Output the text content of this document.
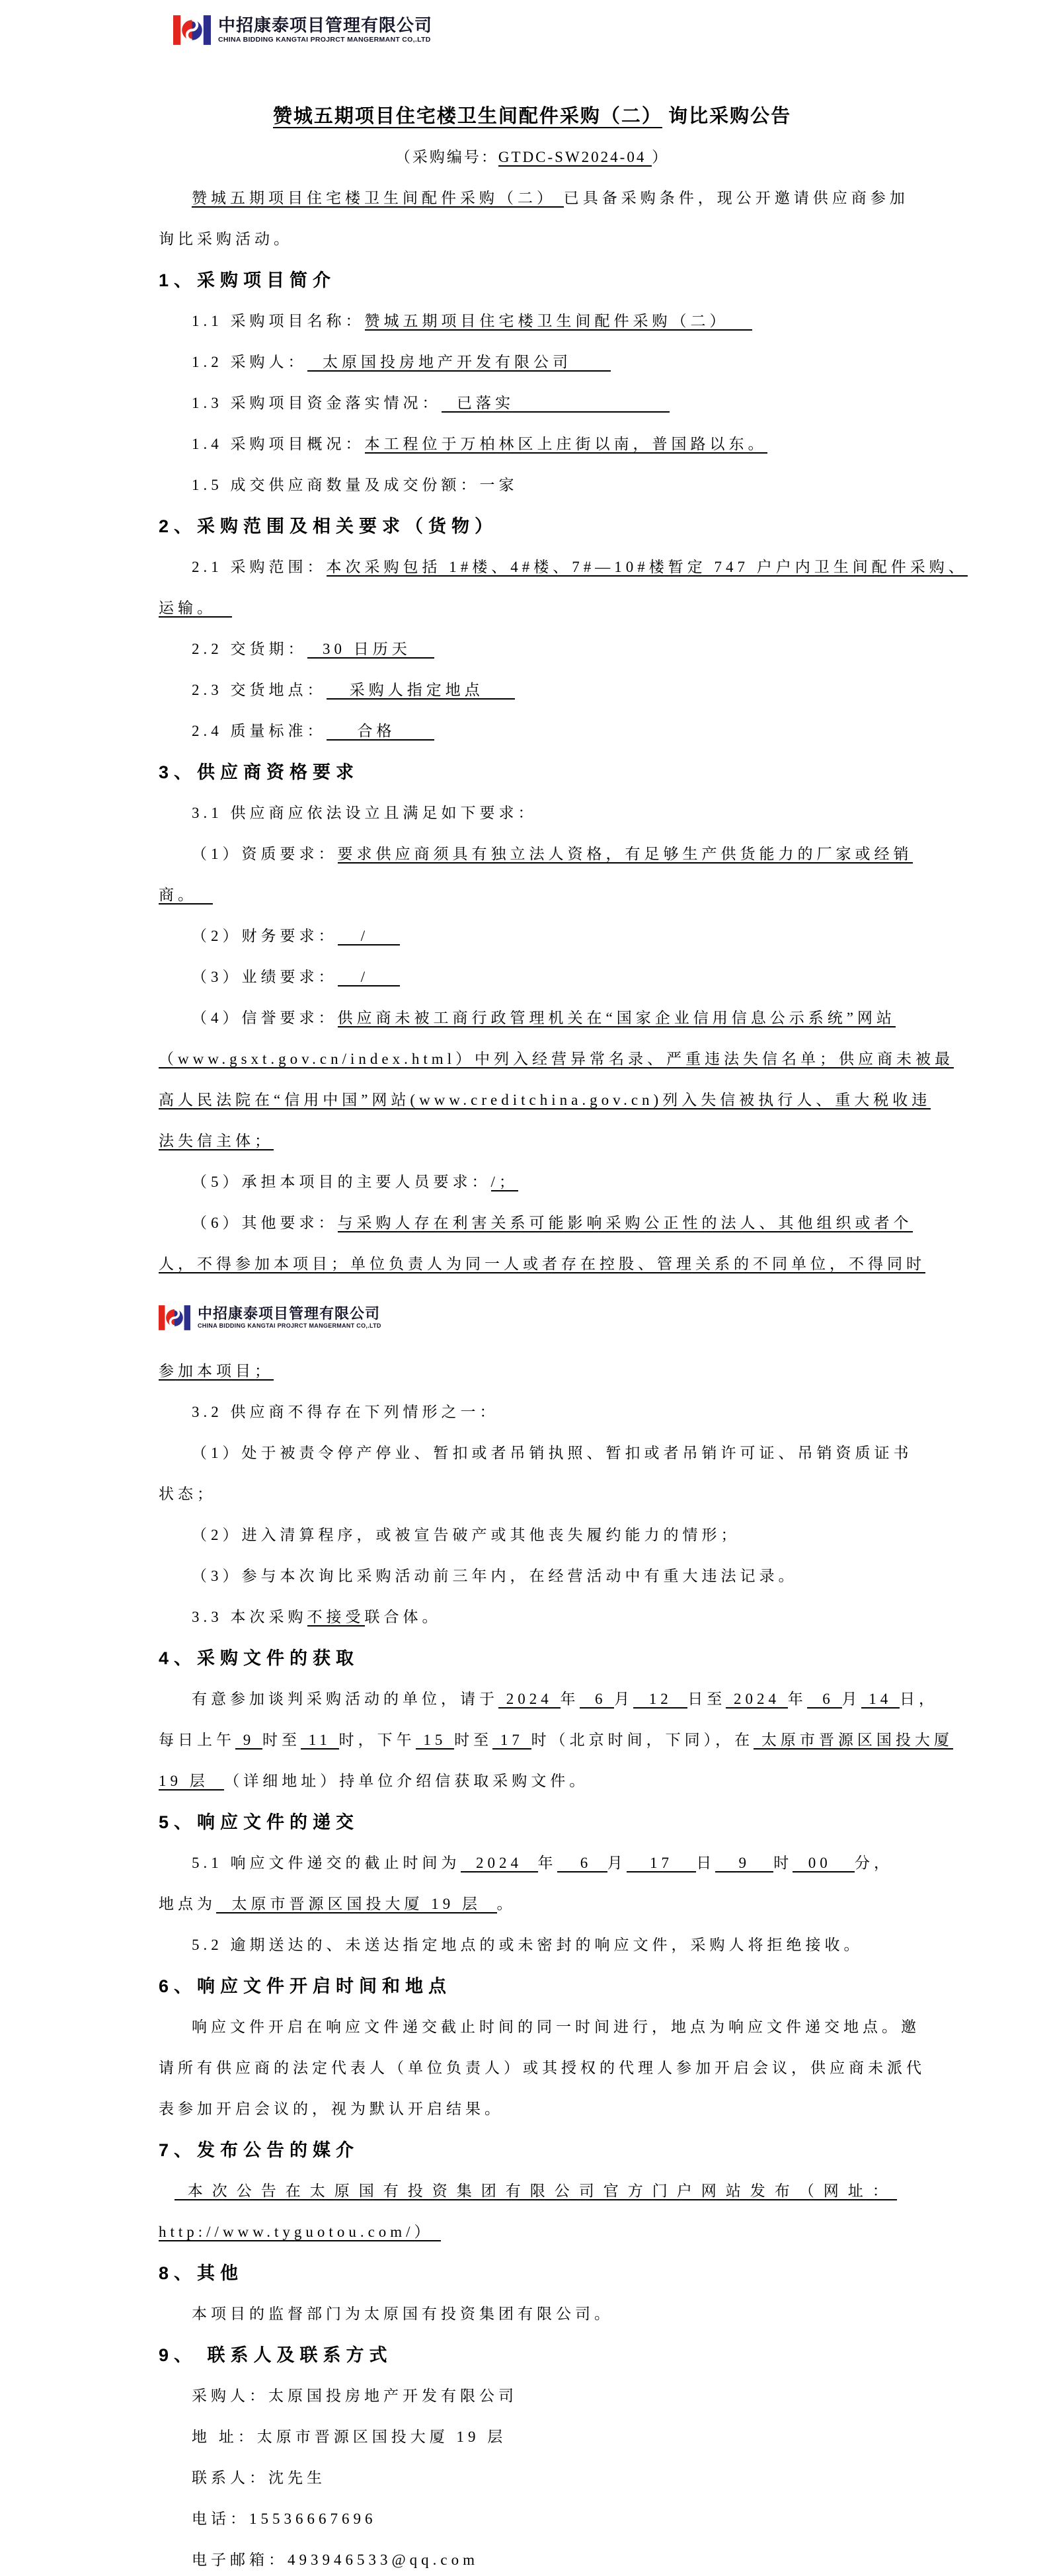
中招康泰项目管理有限公司
CHINA BIDDING KANGTAI PROJRCT MANGERMANT CO,.LTD
赞城五期项目住宅楼卫生间配件采购（二） 询比采购公告
（采购编号：GTDC-SW2024-04 ）
赞城五期项目住宅楼卫生间配件采购（二） 已具备采购条件，现公开邀请供应商参加
询比采购活动。
1、采购项目简介
1.1 采购项目名称：赞城五期项目住宅楼卫生间配件采购（二）
1.2 采购人：  太原国投房地产开发有限公司
1.3 采购项目资金落实情况：  已落实
1.4 采购项目概况：本工程位于万柏林区上庄街以南，普国路以东。
1.5 成交供应商数量及成交份额：一家
2、采购范围及相关要求（货物）
2.1 采购范围：本次采购包括 1#楼、4#楼、7#—10#楼暂定 747 户户内卫生间配件采购、
运输。
2.2 交货期：  30 日历天
2.3 交货地点：   采购人指定地点
2.4 质量标准：    合格
3、供应商资格要求
3.1 供应商应依法设立且满足如下要求：
（1）资质要求：要求供应商须具有独立法人资格，有足够生产供货能力的厂家或经销
商。
（2）财务要求：   /
（3）业绩要求：   /
（4）信誉要求：供应商未被工商行政管理机关在“国家企业信用信息公示系统”网站
（www.gsxt.gov.cn/index.html）中列入经营异常名录、严重违法失信名单；供应商未被最
高人民法院在“信用中国”网站(www.creditchina.gov.cn)列入失信被执行人、重大税收违
法失信主体；
（5）承担本项目的主要人员要求：/；
（6）其他要求：与采购人存在利害关系可能影响采购公正性的法人、其他组织或者个
人，不得参加本项目；单位负责人为同一人或者存在控股、管理关系的不同单位，不得同时
中招康泰项目管理有限公司
CHINA BIDDING KANGTAI PROJRCT MANGERMANT CO,.LTD
参加本项目；
3.2 供应商不得存在下列情形之一：
（1）处于被责令停产停业、暂扣或者吊销执照、暂扣或者吊销许可证、吊销资质证书
状态；
（2）进入清算程序，或被宣告破产或其他丧失履约能力的情形；
（3）参与本次询比采购活动前三年内，在经营活动中有重大违法记录。
3.3 本次采购不接受联合体。
4、采购文件的获取
有意参加谈判采购活动的单位，请于 2024 年  6 月  12  日至 2024 年  6 月 14 日，
每日上午 9 时至 11 时，下午 15 时至 17 时（北京时间，下同），在 太原市晋源区国投大厦
19 层  （详细地址）持单位介绍信获取采购文件。
5、响应文件的递交
5.1 响应文件递交的截止时间为  2024  年   6  月   17   日   9   时  00   分，
地点为  太原市晋源区国投大厦 19 层  。
5.2 逾期送达的、未送达指定地点的或未密封的响应文件，采购人将拒绝接收。
6、响应文件开启时间和地点
响应文件开启在响应文件递交截止时间的同一时间进行，地点为响应文件递交地点。邀
请所有供应商的法定代表人（单位负责人）或其授权的代理人参加开启会议，供应商未派代
表参加开启会议的，视为默认开启结果。
7、发布公告的媒介
本次公告在太原国有投资集团有限公司官方门户网站发布（网址：
http://www.tyguotou.com/）
8、其他
本项目的监督部门为太原国有投资集团有限公司。
9、 联系人及联系方式
采购人：太原国投房地产开发有限公司
地 址：太原市晋源区国投大厦 19 层
联系人：沈先生
电话：15536667696
电子邮箱：493946533@qq.com
